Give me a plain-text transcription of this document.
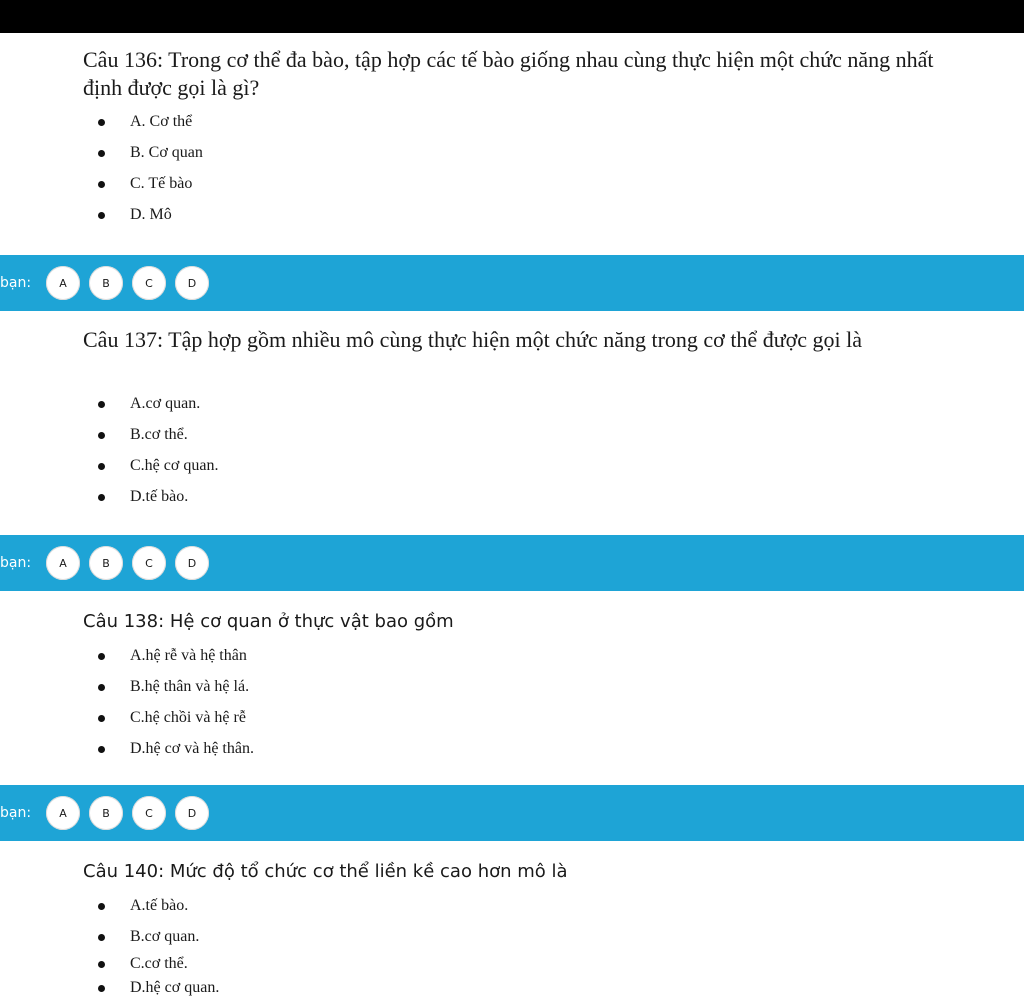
Câu 136: Trong cơ thể đa bào, tập hợp các tế bào giống nhau cùng thực hiện một chức năng nhất định được gọi là gì?

A. Cơ thể
B. Cơ quan
C. Tế bào
D. Mô
bạn:	A	B	C	D

Câu 137: Tập hợp gồm nhiều mô cùng thực hiện một chức năng trong cơ thể được gọi là

A.cơ quan.
B.cơ thể.
C.hệ cơ quan.
D.tế bào.
bạn:	A	B	C	D

Câu 138: Hệ cơ quan ở thực vật bao gồm

A.hệ rễ và hệ thân
B.hệ thân và hệ lá.
C.hệ chồi và hệ rễ
D.hệ cơ và hệ thân.
bạn:	A	B	C	D

Câu 140: Mức độ tổ chức cơ thể liền kề cao hơn mô là

A.tế bào.
B.cơ quan.
C.cơ thể.
D.hệ cơ quan.
